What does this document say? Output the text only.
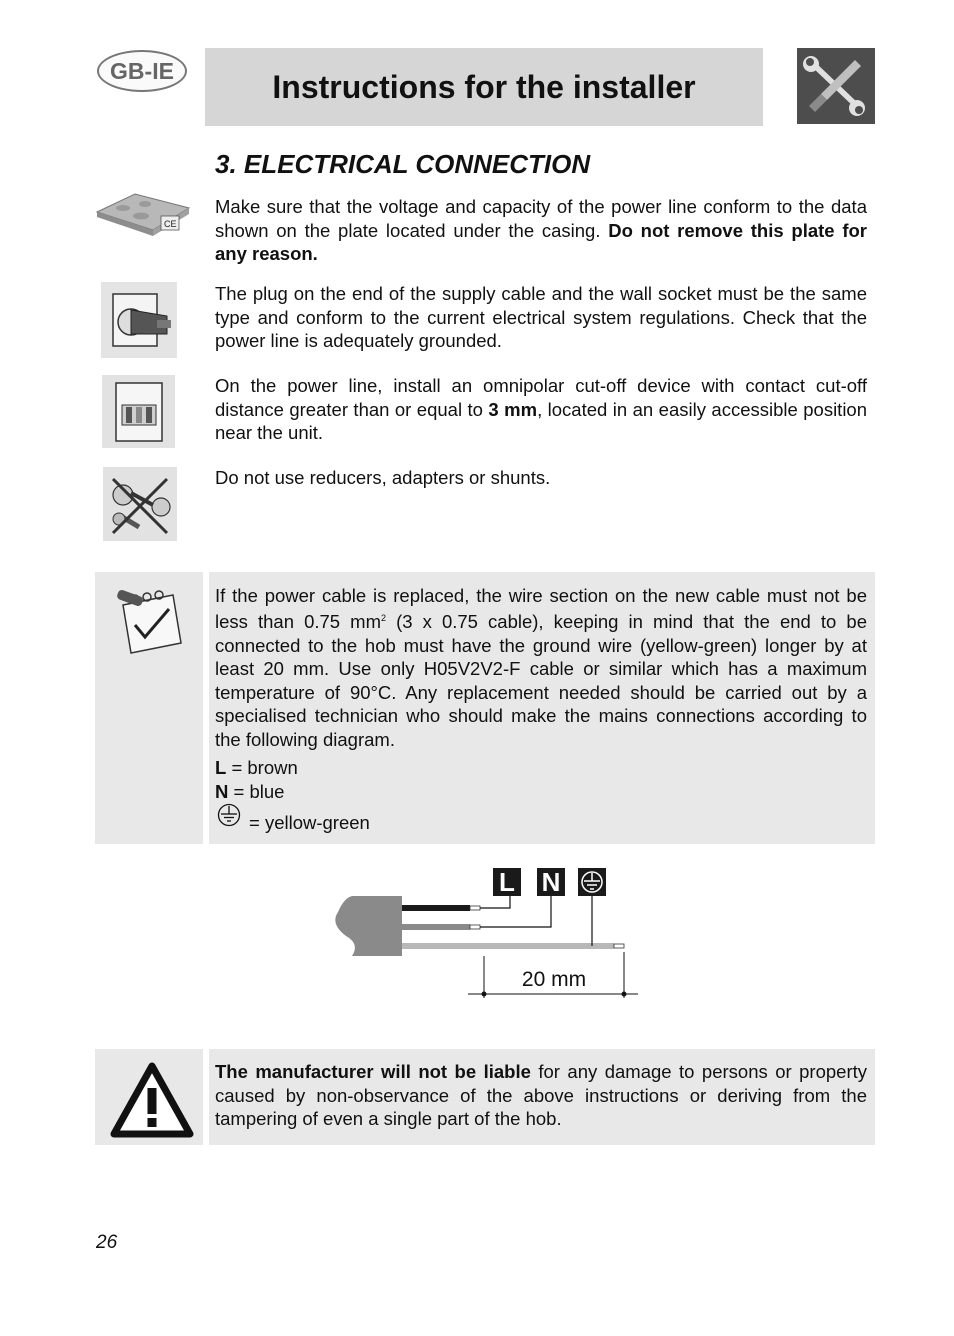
GB-IE	Instructions for the installer
3. ELECTRICAL CONNECTION
CE
Make sure that the voltage and capacity of the power line conform to the data shown on the plate located under the casing. Do not remove this plate for any reason.
The plug on the end of the supply cable and the wall socket must be the same type and conform to the current electrical system regulations. Check that the power line is adequately grounded.
On the power line, install an omnipolar cut-off device with contact cut-off distance greater than or equal to 3 mm, located in an easily accessible position near the unit.
Do not use reducers, adapters or shunts.
If the power cable is replaced, the wire section on the new cable must not be less than 0.75 $mm^2$ (3 x 0.75 cable), keeping in mind that the end to be connected to the hob must have the ground wire (yellow-green) longer by at least 20 mm. Use only H05V2V2-F cable or similar which has a maximum temperature of 90°C. Any replacement needed should be carried out by a specialised technician who should make the mains connections according to the following diagram.
L = brown
N = blue
= yellow-green
L N
20 mm
The manufacturer will not be liable for any damage to persons or property caused by non-observance of the above instructions or deriving from the tampering of even a single part of the hob.
26
